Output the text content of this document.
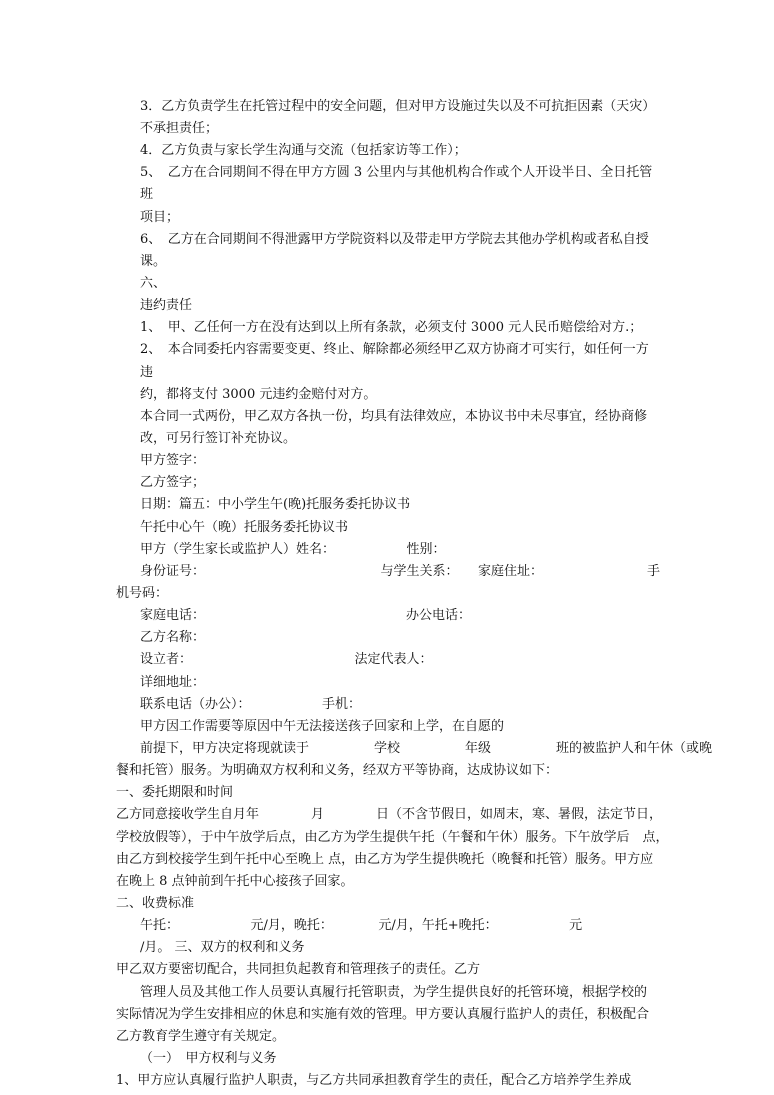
3．乙方负责学生在托管过程中的安全问题，但对甲方设施过失以及不可抗拒因素（天灾）
不承担责任；
4．乙方负责与家长学生沟通与交流（包括家访等工作）；
5、　乙方在合同期间不得在甲方方圆 3 公里内与其他机构合作或个人开设半日、全日托管
班
项目；
6、　乙方在合同期间不得泄露甲方学院资料以及带走甲方学院去其他办学机构或者私自授
课。
六、
违约责任
1、　甲、乙任何一方在没有达到以上所有条款，必须支付 3000 元人民币赔偿给对方.；
2、　本合同委托内容需要变更、终止、解除都必须经甲乙双方协商才可实行，如任何一方
违
约，都将支付 3000 元违约金赔付对方。
本合同一式两份，甲乙双方各执一份，均具有法律效应，本协议书中未尽事宜，经协商修
改，可另行签订补充协议。
甲方签字：
乙方签字；
日期：篇五：中小学生午(晚)托服务委托协议书
午托中心午（晚）托服务委托协议书
甲方（学生家长或监护人）姓名：　　　　　　性别：
身份证号：　　　　　　　　　　　　　　与学生关系：　　家庭住址：	手
机号码：
家庭电话：	办公电话：
乙方名称：
设立者：　　　　　　　　　　　　　法定代表人：
详细地址：
联系电话（办公）：　　　　　　手机：
甲方因工作需要等原因中午无法接送孩子回家和上学，在自愿的
前提下，甲方决定将现就读于　　　　　学校　　　　　年级　　　　　班的被监护人和午休（或晚
餐和托管）服务。为明确双方权利和义务，经双方平等协商，达成协议如下：
一、委托期限和时间
乙方同意接收学生自月年　　　　月　　　　日（不含节假日，如周末，寒、暑假，法定节日，
学校放假等），于中午放学后点，由乙方为学生提供午托（午餐和午休）服务。下午放学后　点，
由乙方到校接学生到午托中心至晚上 点，由乙方为学生提供晚托（晚餐和托管）服务。甲方应
在晚上 8 点钟前到午托中心接孩子回家。
二、收费标准
午托：　　　　　　元/月，晚托：　　　　元/月，午托+晚托：　　　　　　元
/月。 三、双方的权利和义务
甲乙双方要密切配合，共同担负起教育和管理孩子的责任。乙方
管理人员及其他工作人员要认真履行托管职责，为学生提供良好的托管环境，根据学校的
实际情况为学生安排相应的休息和实施有效的管理。甲方要认真履行监护人的责任，积极配合
乙方教育学生遵守有关规定。
（一）　甲方权利与义务
1、甲方应认真履行监护人职责，与乙方共同承担教育学生的责任，配合乙方培养学生养成
